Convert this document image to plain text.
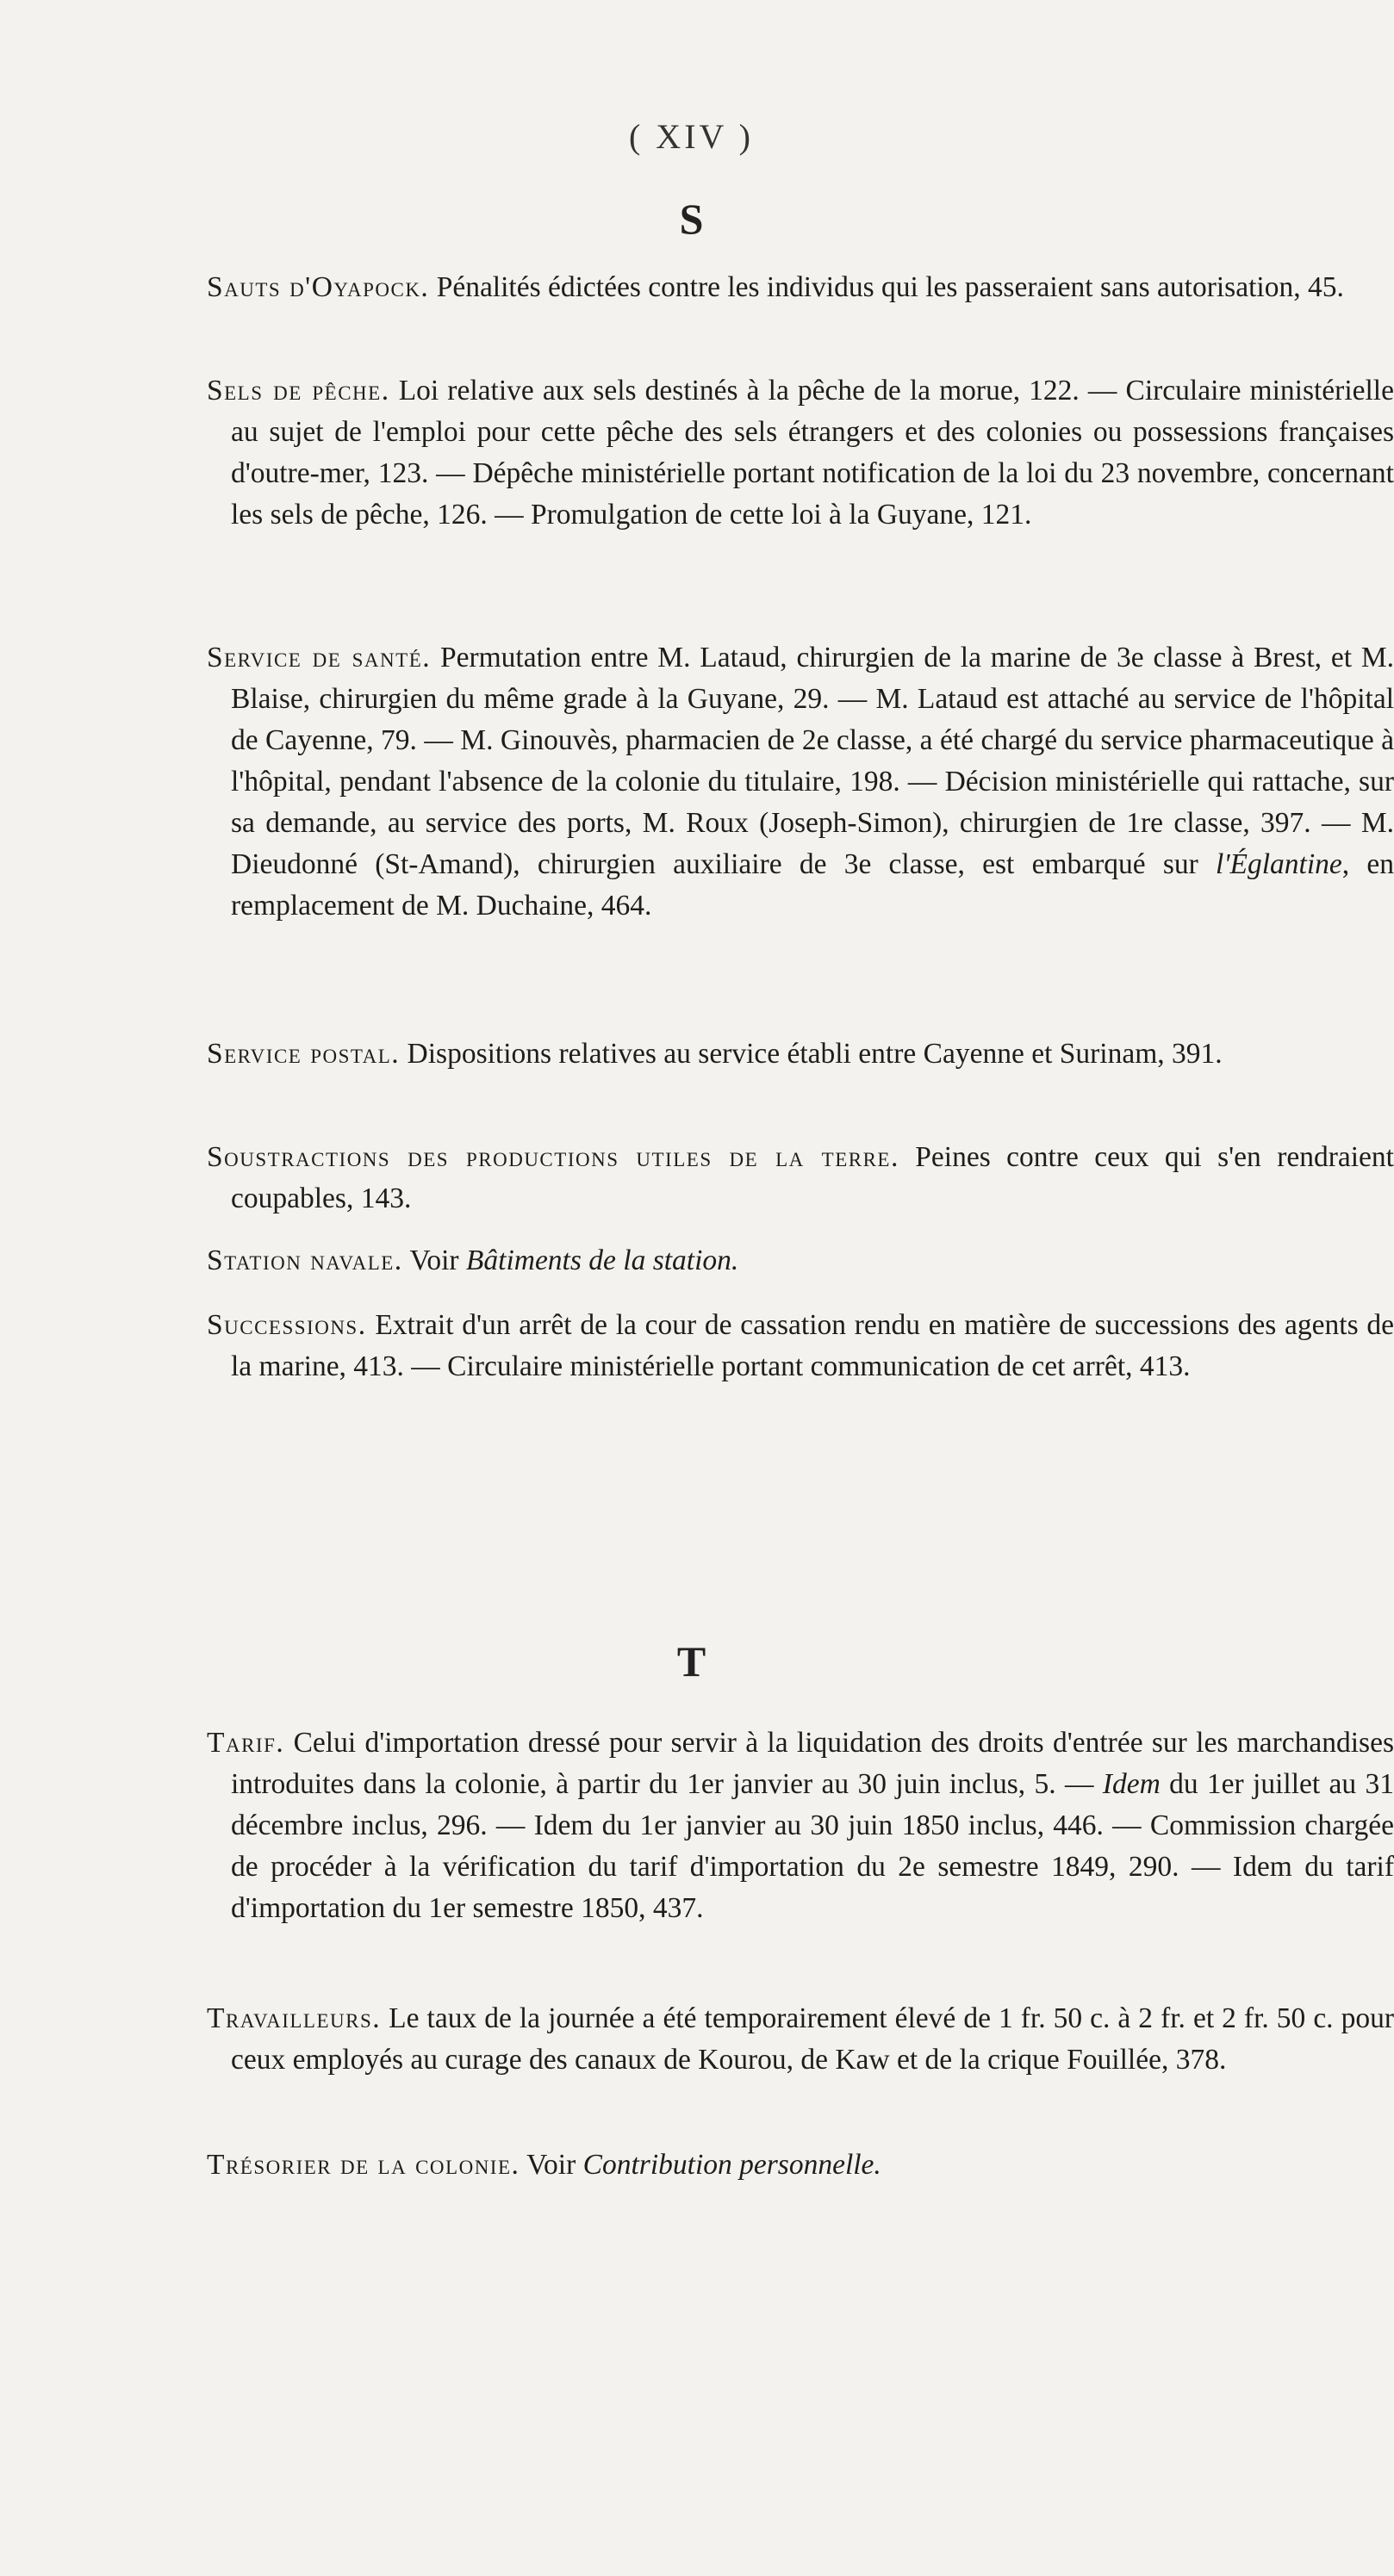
( XIV )
S
Sauts d'Oyapock. Pénalités édictées contre les individus qui les passeraient sans autorisation, 45.
Sels de pêche. Loi relative aux sels destinés à la pêche de la morue, 122. — Circulaire ministérielle au sujet de l'emploi pour cette pêche des sels étrangers et des colonies ou possessions françaises d'outre-mer, 123. — Dépêche ministérielle portant notification de la loi du 23 novembre, concernant les sels de pêche, 126. — Promulgation de cette loi à la Guyane, 121.
Service de santé. Permutation entre M. Lataud, chirurgien de la marine de 3e classe à Brest, et M. Blaise, chirurgien du même grade à la Guyane, 29. — M. Lataud est attaché au service de l'hôpital de Cayenne, 79. — M. Ginouvès, pharmacien de 2e classe, a été chargé du service pharmaceutique à l'hôpital, pendant l'absence de la colonie du titulaire, 198. — Décision ministérielle qui rattache, sur sa demande, au service des ports, M. Roux (Joseph-Simon), chirurgien de 1re classe, 397. — M. Dieudonné (St-Amand), chirurgien auxiliaire de 3e classe, est embarqué sur l'Églantine, en remplacement de M. Duchaine, 464.
Service postal. Dispositions relatives au service établi entre Cayenne et Surinam, 391.
Soustractions des productions utiles de la terre. Peines contre ceux qui s'en rendraient coupables, 143.
Station navale. Voir Bâtiments de la station.
Successions. Extrait d'un arrêt de la cour de cassation rendu en matière de successions des agents de la marine, 413. — Circulaire ministérielle portant communication de cet arrêt, 413.
T
Tarif. Celui d'importation dressé pour servir à la liquidation des droits d'entrée sur les marchandises introduites dans la colonie, à partir du 1er janvier au 30 juin inclus, 5. — Idem du 1er juillet au 31 décembre inclus, 296. — Idem du 1er janvier au 30 juin 1850 inclus, 446. — Commission chargée de procéder à la vérification du tarif d'importation du 2e semestre 1849, 290. — Idem du tarif d'importation du 1er semestre 1850, 437.
Travailleurs. Le taux de la journée a été temporairement élevé de 1 fr. 50 c. à 2 fr. et 2 fr. 50 c. pour ceux employés au curage des canaux de Kourou, de Kaw et de la crique Fouillée, 378.
Trésorier de la colonie. Voir Contribution personnelle.
